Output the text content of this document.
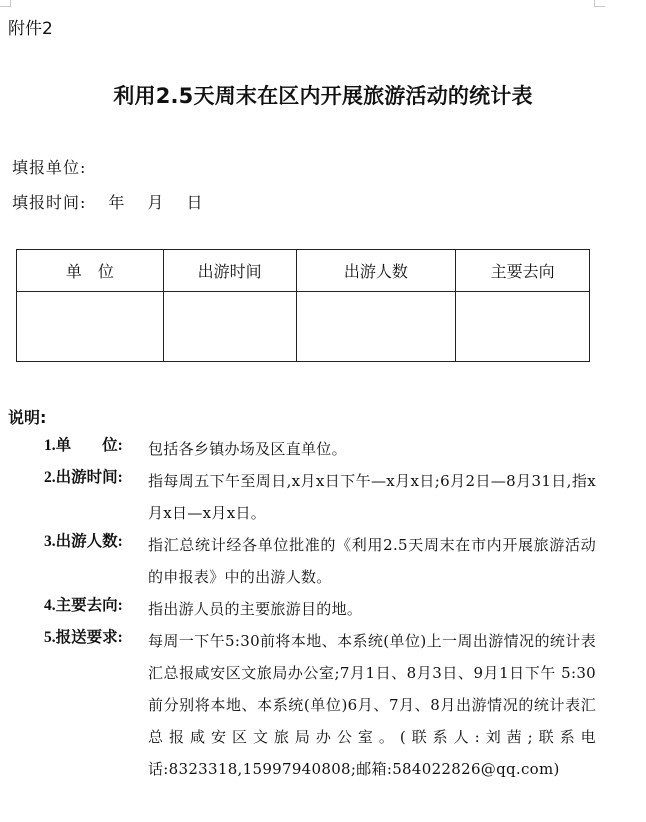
附件2
利用2.5天周末在区内开展旅游活动的统计表
填报单位:
填报时间: 年 月 日
单　位	出游时间	出游人数	主要去向

说明:
1.单　　位:	包括各乡镇办场及区直单位。
2.出游时间:	指每周五下午至周日,x月x日下午—x月x日;6月2日—8月31日,指x月x日—x月x日。
3.出游人数:	指汇总统计经各单位批准的《利用2.5天周末在市内开展旅游活动的申报表》中的出游人数。
4.主要去向:	指出游人员的主要旅游目的地。
5.报送要求:	每周一下午5:30前将本地、本系统(单位)上一周出游情况的统计表汇总报咸安区文旅局办公室;7月1日、8月3日、9月1日下午 5:30前分别将本地、本系统(单位)6月、7月、8月出游情况的统计表汇总报咸安区文旅局办公室。(联系人:刘茜;联系电话:8323318,15997940808;邮箱:584022826@qq.com)
